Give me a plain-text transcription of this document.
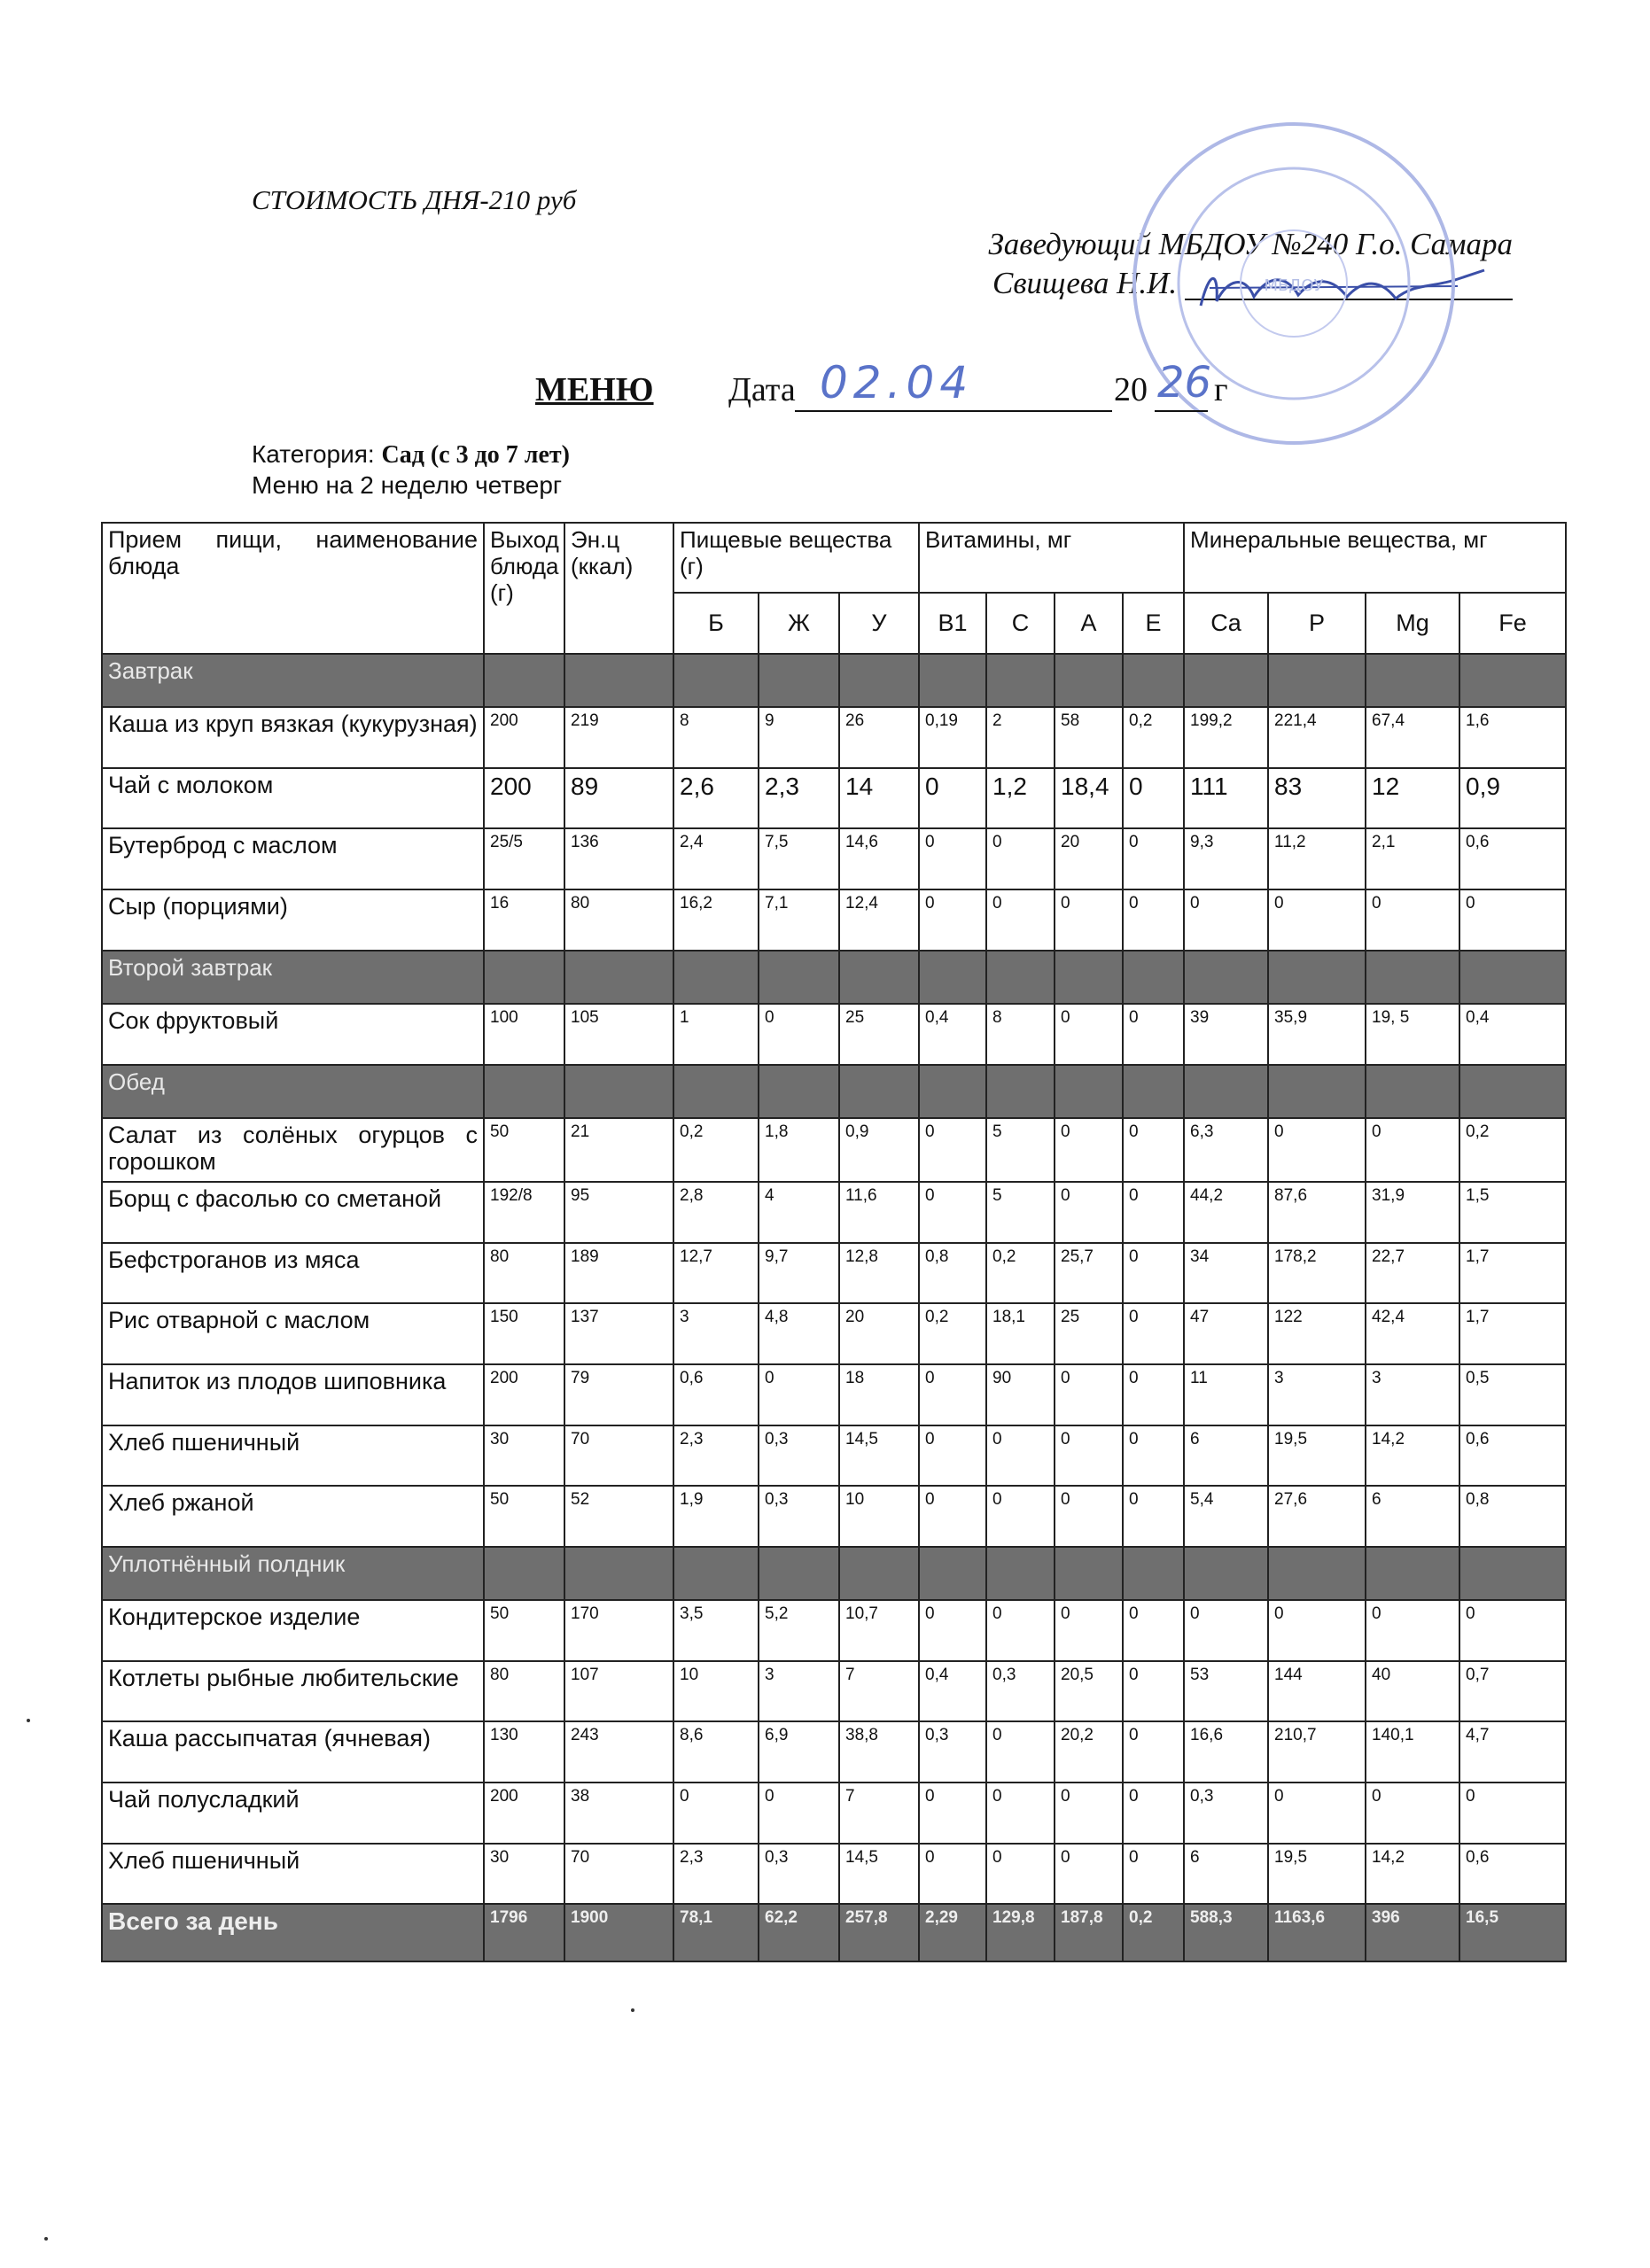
СТОИМОСТЬ ДНЯ-210 руб
Заведующий МБДОУ №240 Г.о. Самара
Свищева Н.И.	МБДОУ
МЕНЮ Дата 02.04	20 26 г
Категория: Сад (с 3 до 7 лет)
Меню на 2 неделю четверг
Прием пищи, наименование блюда	Выход блюда (г)	Эн.ц (ккал)	Пищевые вещества (г)			Витамины, мг				Минеральные вещества, мг			
			Б	Ж	У	B1	C	A	E	Ca	P	Mg	Fe
Завтрак													
Каша из круп вязкая (кукурузная)	200	219	8	9	26	0,19	2	58	0,2	199,2	221,4	67,4	1,6
Чай с молоком	200	89	2,6	2,3	14	0	1,2	18,4	0	111	83	12	0,9
Бутерброд с маслом	25/5	136	2,4	7,5	14,6	0	0	20	0	9,3	11,2	2,1	0,6
Сыр (порциями)	16	80	16,2	7,1	12,4	0	0	0	0	0	0	0	0
Второй завтрак													
Сок фруктовый	100	105	1	0	25	0,4	8	0	0	39	35,9	19, 5	0,4
Обед													
Салат из солёных огурцов с горошком	50	21	0,2	1,8	0,9	0	5	0	0	6,3	0	0	0,2
Борщ с фасолью со сметаной	192/8	95	2,8	4	11,6	0	5	0	0	44,2	87,6	31,9	1,5
Бефстроганов из мяса	80	189	12,7	9,7	12,8	0,8	0,2	25,7	0	34	178,2	22,7	1,7
Рис отварной с маслом	150	137	3	4,8	20	0,2	18,1	25	0	47	122	42,4	1,7
Напиток из плодов шиповника	200	79	0,6	0	18	0	90	0	0	11	3	3	0,5
Хлеб пшеничный	30	70	2,3	0,3	14,5	0	0	0	0	6	19,5	14,2	0,6
Хлеб ржаной	50	52	1,9	0,3	10	0	0	0	0	5,4	27,6	6	0,8
Уплотнённый полдник													
Кондитерское изделие	50	170	3,5	5,2	10,7	0	0	0	0	0	0	0	0
Котлеты рыбные любительские	80	107	10	3	7	0,4	0,3	20,5	0	53	144	40	0,7
Каша рассыпчатая (ячневая)	130	243	8,6	6,9	38,8	0,3	0	20,2	0	16,6	210,7	140,1	4,7
Чай полусладкий	200	38	0	0	7	0	0	0	0	0,3	0	0	0
Хлеб пшеничный	30	70	2,3	0,3	14,5	0	0	0	0	6	19,5	14,2	0,6
Всего за день	1796	1900	78,1	62,2	257,8	2,29	129,8	187,8	0,2	588,3	1163,6	396	16,5
